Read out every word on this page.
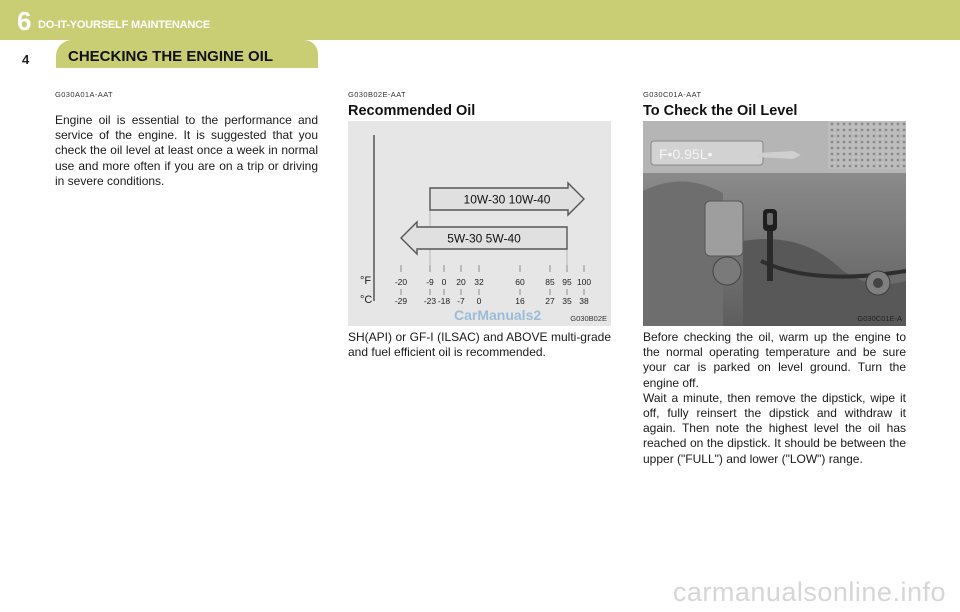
6 DO-IT-YOURSELF MAINTENANCE
4	CHECKING THE ENGINE OIL
G030A01A-AAT
Engine oil is essential to the performance and service of the engine. It is suggested that you check the oil level at least once a week in normal use and more often if you are on a trip or driving in severe conditions.
G030B02E-AAT
Recommended Oil
°F
°C
-20
-29
-9
-23
0
-18
20
-7
32
0
60
16
85
27
95
35
100
38
10W-30 10W-40
5W-30 5W-40
CarManuals2	G030B02E
SH(API) or GF-I (ILSAC) and ABOVE multi-grade and fuel efficient oil is recommended.
G030C01A-AAT
To Check the Oil Level
F•0.95L•
G030C01E-A
Before checking the oil, warm up the engine to the normal operating temperature and be sure your car is parked on level ground. Turn the engine off.
Wait a minute, then remove the dipstick, wipe it off, fully reinsert the dipstick and withdraw it again. Then note the highest level the oil has reached on the dipstick. It should be between the upper ("FULL") and lower ("LOW") range.
carmanualsonline.info
